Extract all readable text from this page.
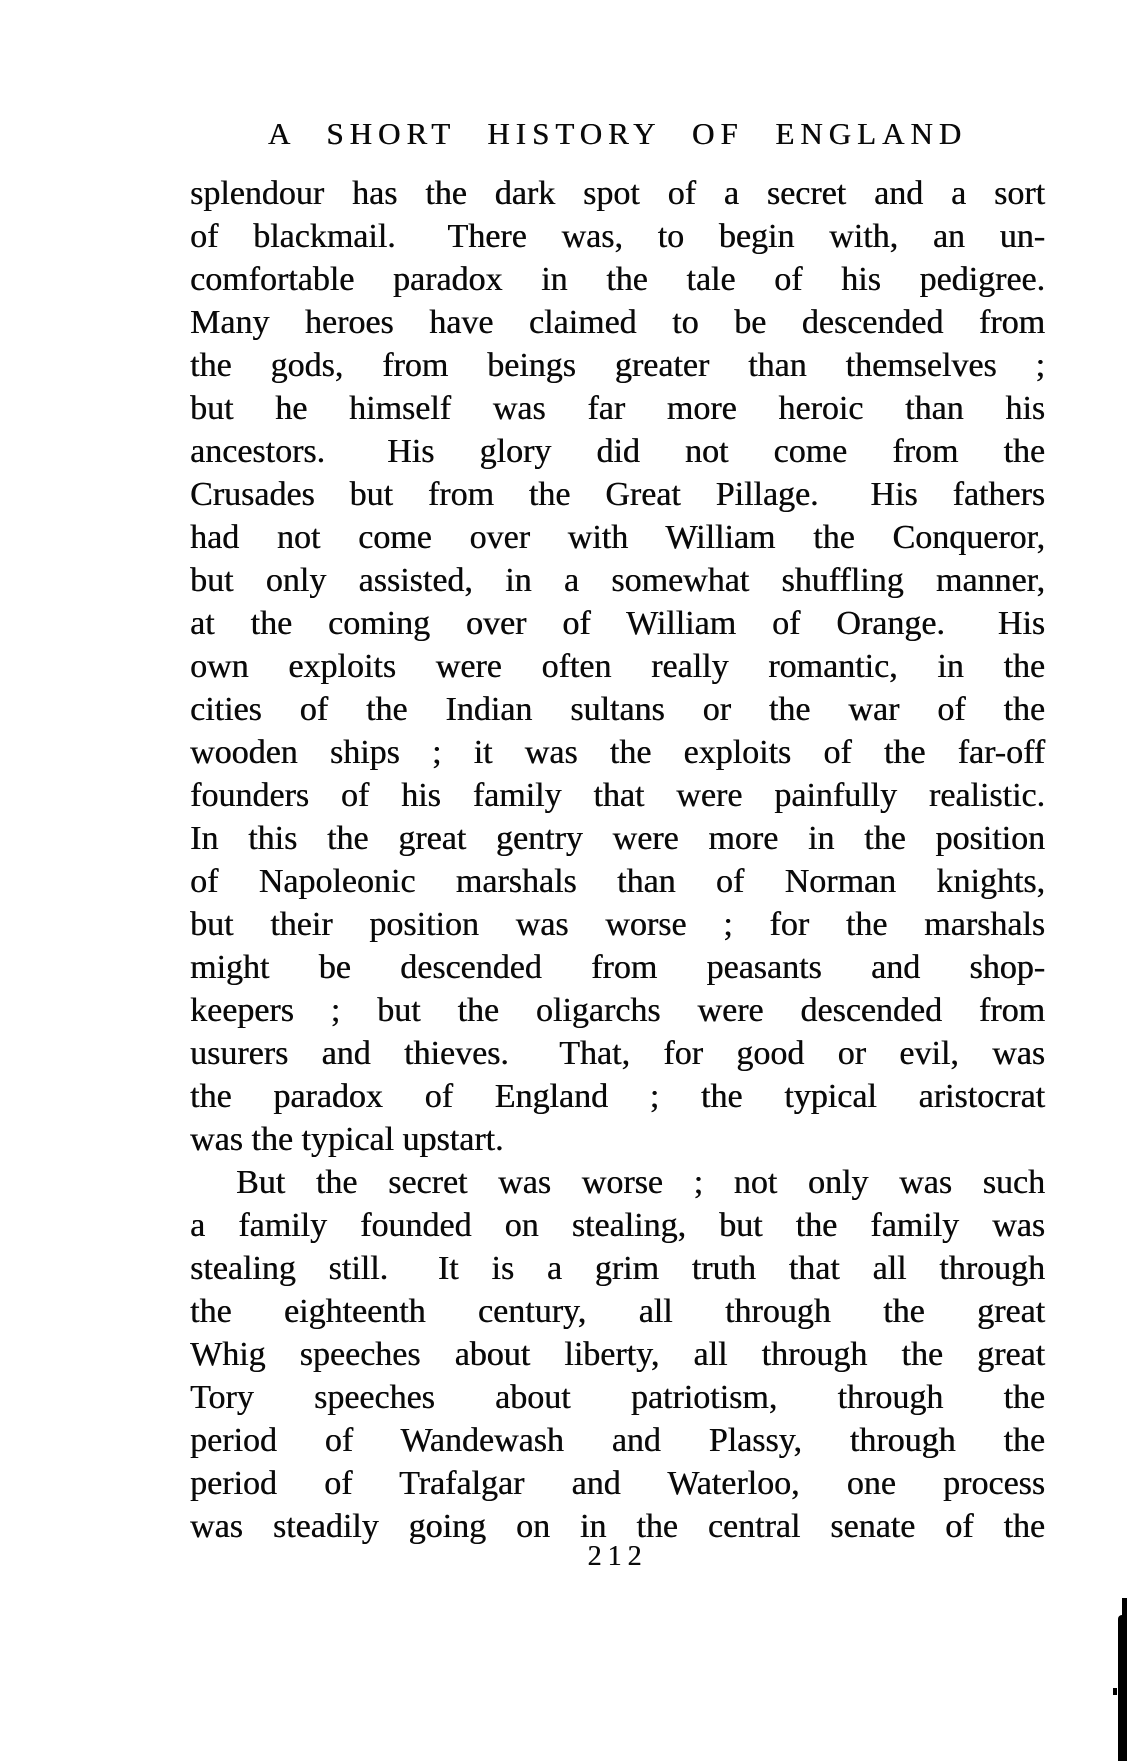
A SHORT HISTORY OF ENGLAND
splendour has the dark spot of a secret and a sort
of blackmail.  There was, to begin with, an un-
comfortable paradox in the tale of his pedigree.
Many heroes have claimed to be descended from
the gods, from beings greater than themselves ;
but he himself was far more heroic than his
ancestors.  His glory did not come from the
Crusades but from the Great Pillage.  His fathers
had not come over with William the Conqueror,
but only assisted, in a somewhat shuffling manner,
at the coming over of William of Orange.  His
own exploits were often really romantic, in the
cities of the Indian sultans or the war of the
wooden ships ; it was the exploits of the far-off
founders of his family that were painfully realistic.
In this the great gentry were more in the position
of Napoleonic marshals than of Norman knights,
but their position was worse ; for the marshals
might be descended from peasants and shop-
keepers ; but the oligarchs were descended from
usurers and thieves.  That, for good or evil, was
the paradox of England ; the typical aristocrat
was the typical upstart.
But the secret was worse ; not only was such
a family founded on stealing, but the family was
stealing still.  It is a grim truth that all through
the eighteenth century, all through the great
Whig speeches about liberty, all through the great
Tory speeches about patriotism, through the
period of Wandewash and Plassy, through the
period of Trafalgar and Waterloo, one process
was steadily going on in the central senate of the
212
